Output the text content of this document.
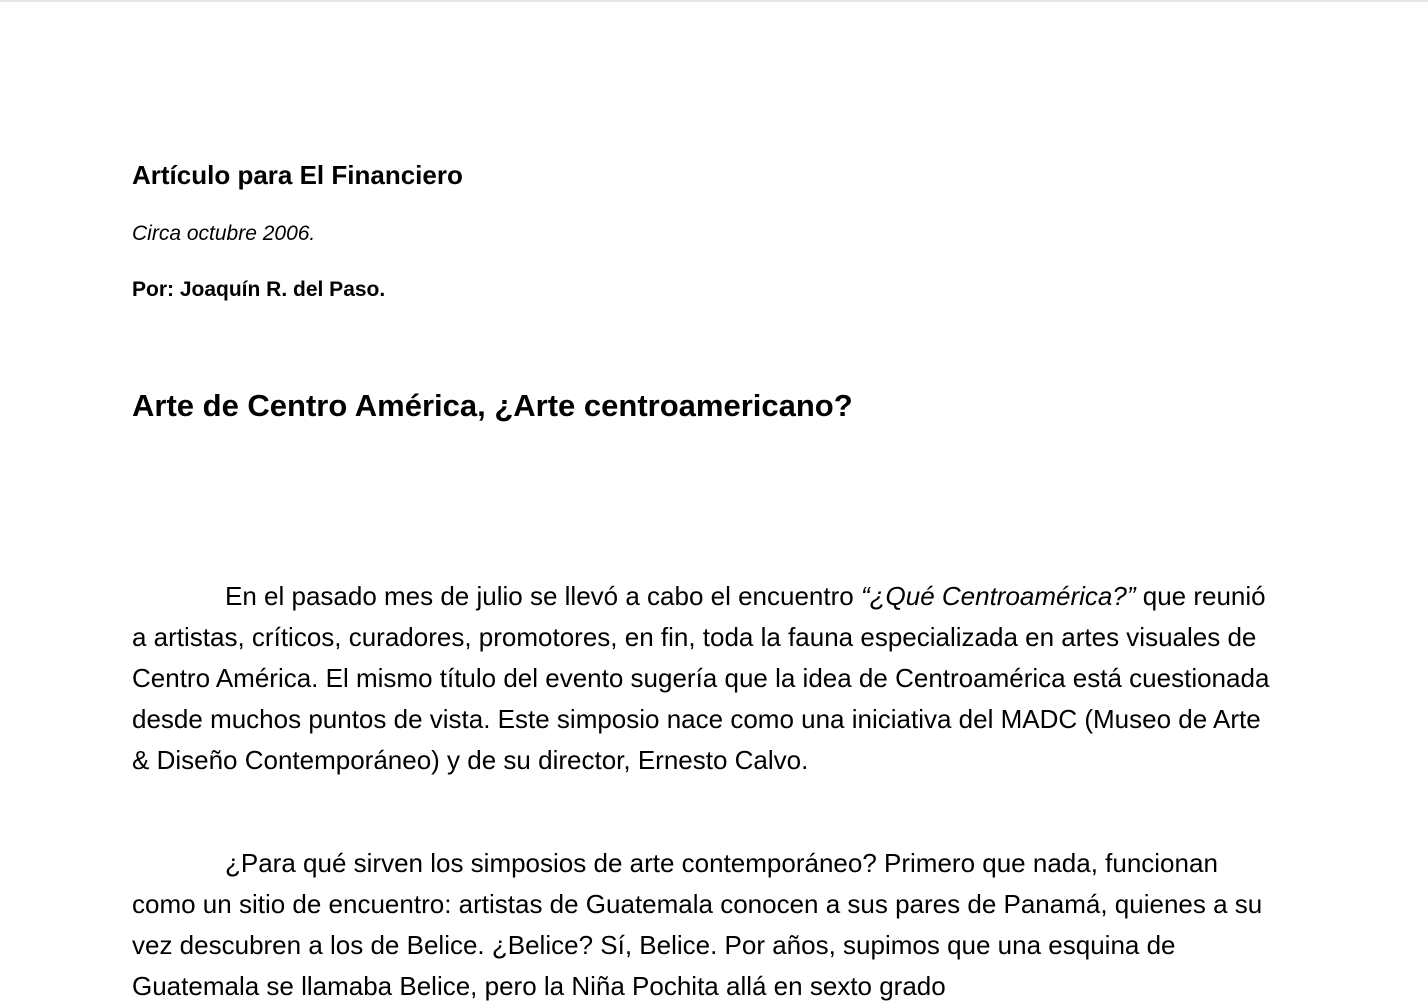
Artículo para El Financiero
Circa octubre 2006.
Por: Joaquín R. del Paso.
Arte de Centro América, ¿Arte centroamericano?

En el pasado mes de julio se llevó a cabo el encuentro “¿Qué Centroamérica?” que reunió a artistas, críticos, curadores, promotores, en fin, toda la fauna especializada en artes visuales de Centro América. El mismo título del evento sugería que la idea de Centroamérica está cuestionada desde muchos puntos de vista. Este simposio nace como una iniciativa del MADC (Museo de Arte & Diseño Contemporáneo) y de su director, Ernesto Calvo.

¿Para qué sirven los simposios de arte contemporáneo? Primero que nada, funcionan como un sitio de encuentro: artistas de Guatemala conocen a sus pares de Panamá, quienes a su vez descubren a los de Belice. ¿Belice? Sí, Belice. Por años, supimos que una esquina de Guatemala se llamaba Belice, pero la Niña Pochita allá en sexto grado
